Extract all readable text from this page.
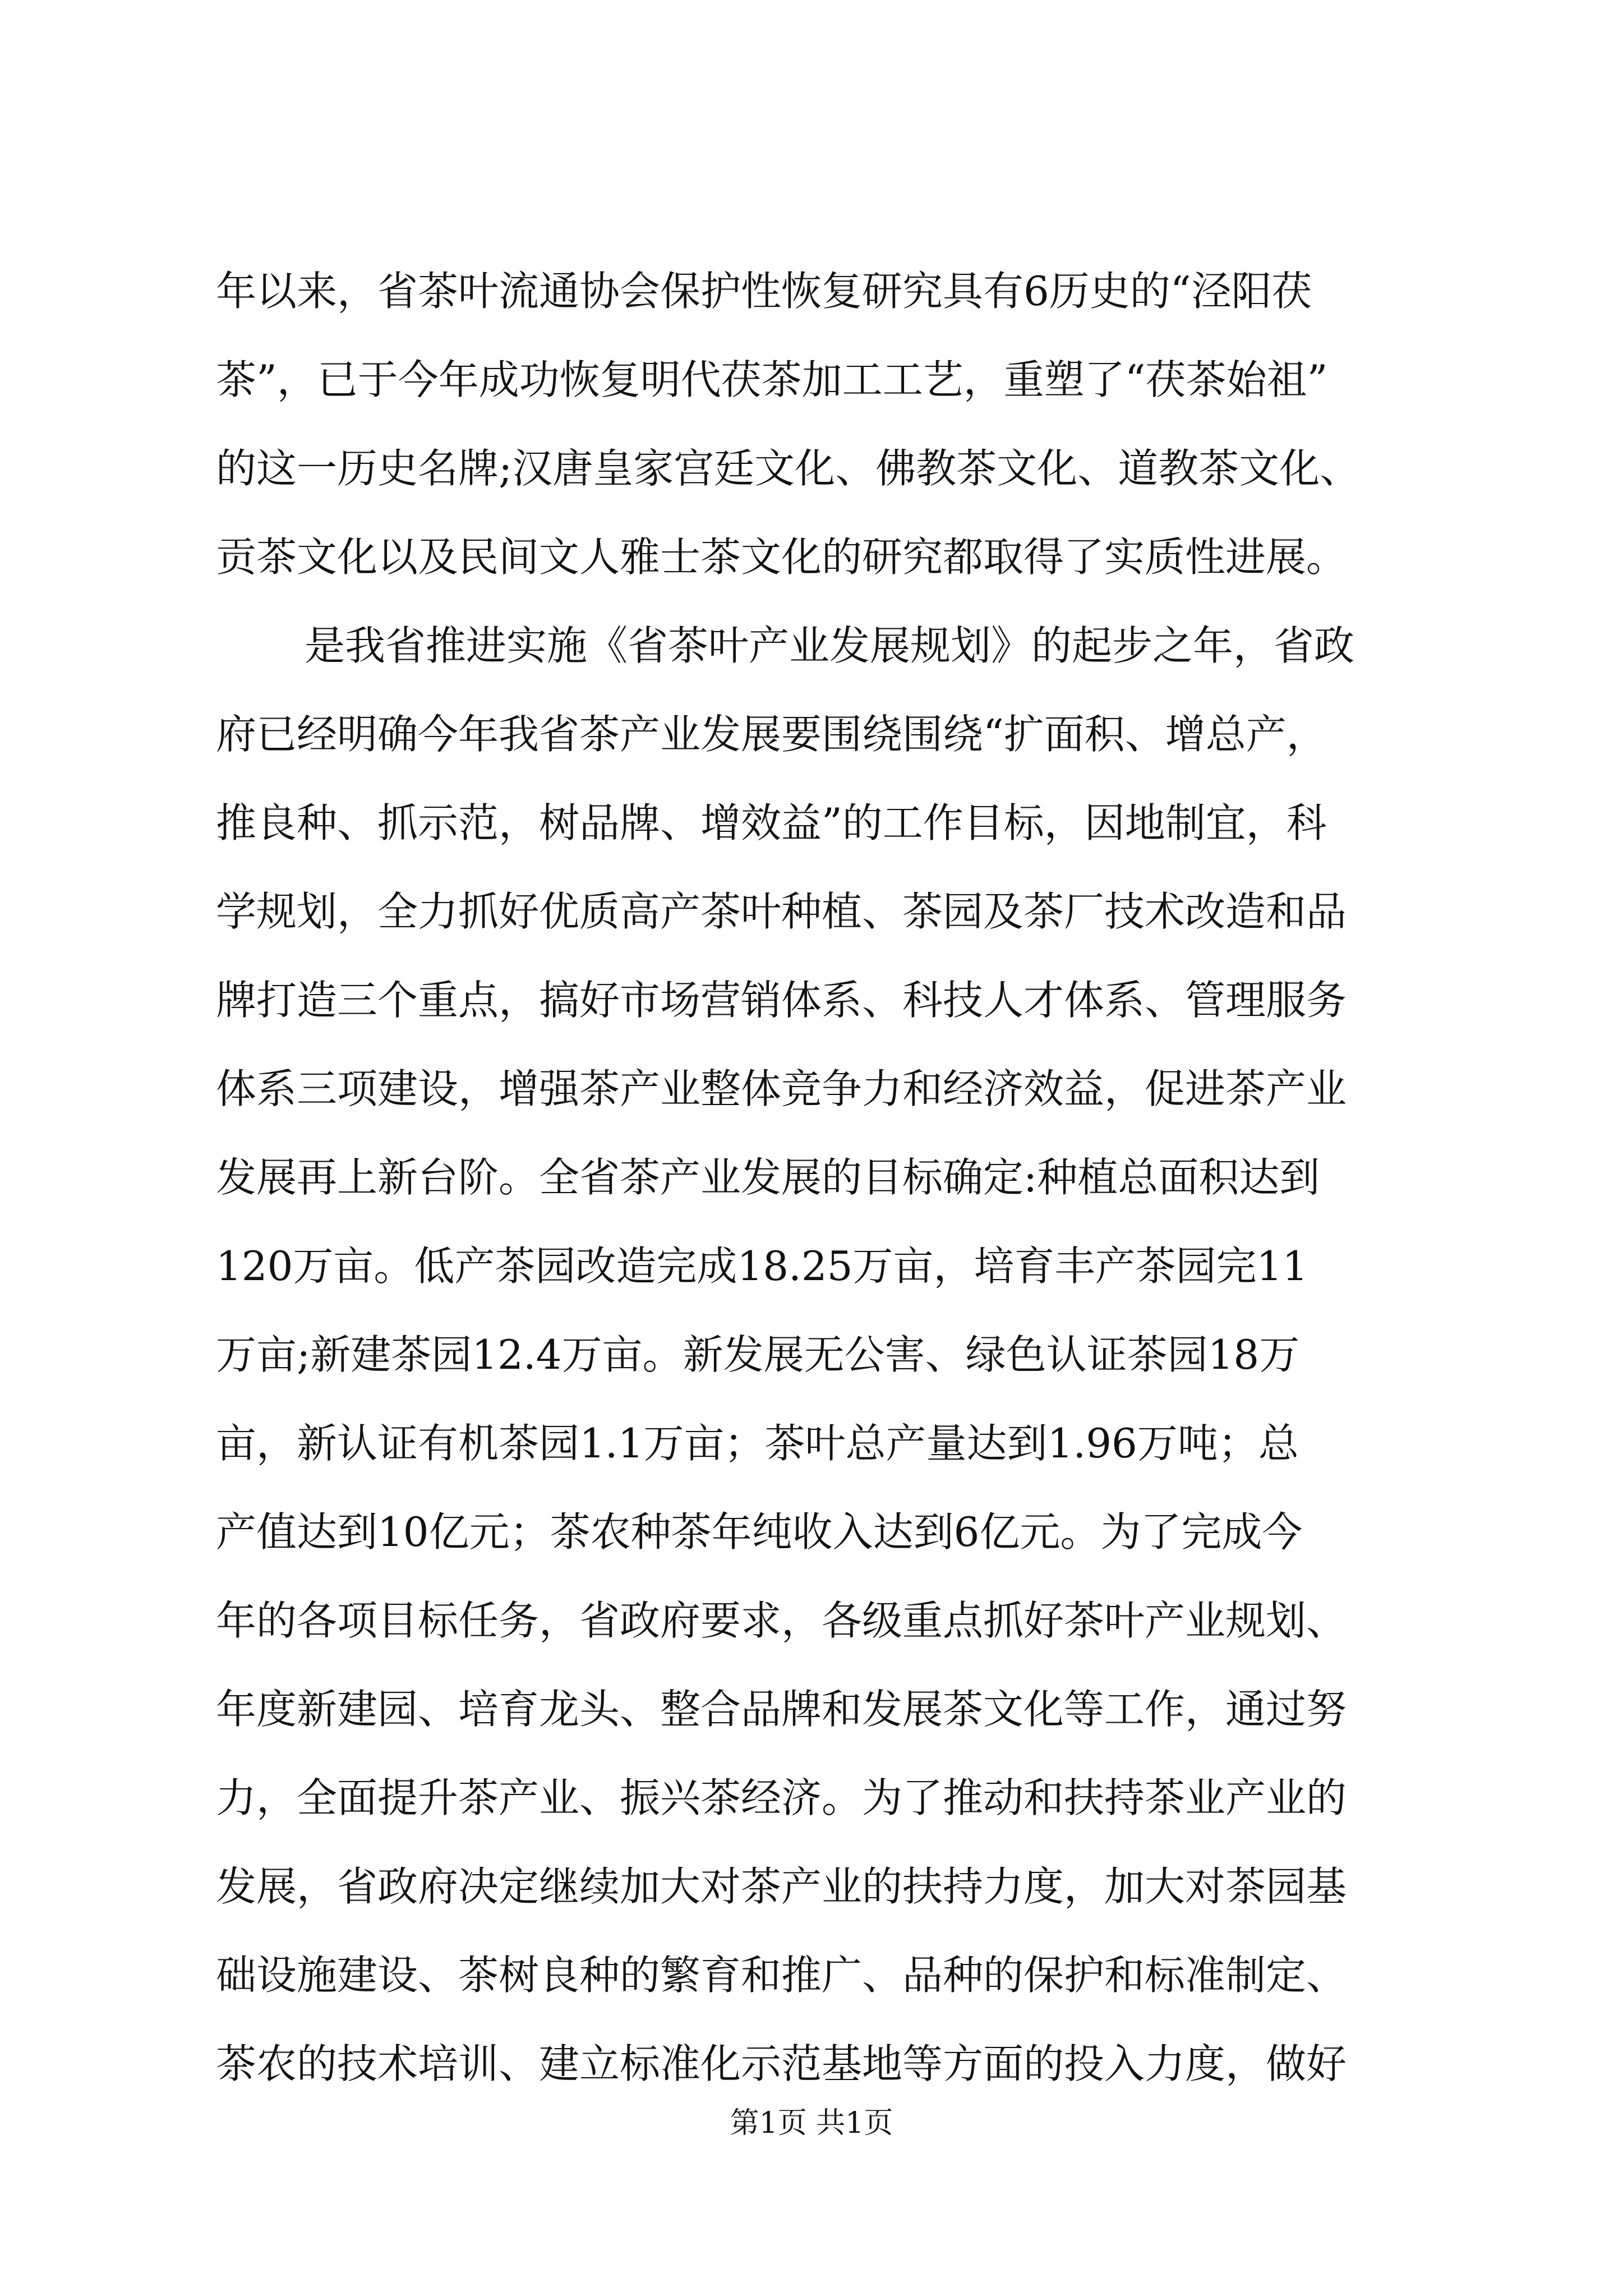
年以来，省茶叶流通协会保护性恢复研究具有6历史的“泾阳茯
茶”，已于今年成功恢复明代茯茶加工工艺，重塑了“茯茶始祖”
的这一历史名牌;汉唐皇家宫廷文化、佛教茶文化、道教茶文化、
贡茶文化以及民间文人雅士茶文化的研究都取得了实质性进展。
是我省推进实施《省茶叶产业发展规划》的起步之年，省政
府已经明确今年我省茶产业发展要围绕围绕“扩面积、增总产，
推良种、抓示范，树品牌、增效益”的工作目标，因地制宜，科
学规划，全力抓好优质高产茶叶种植、茶园及茶厂技术改造和品
牌打造三个重点，搞好市场营销体系、科技人才体系、管理服务
体系三项建设，增强茶产业整体竞争力和经济效益，促进茶产业
发展再上新台阶。全省茶产业发展的目标确定:种植总面积达到
120万亩。低产茶园改造完成18.25万亩，培育丰产茶园完11
万亩;新建茶园12.4万亩。新发展无公害、绿色认证茶园18万
亩，新认证有机茶园1.1万亩；茶叶总产量达到1.96万吨；总
产值达到10亿元；茶农种茶年纯收入达到6亿元。为了完成今
年的各项目标任务，省政府要求，各级重点抓好茶叶产业规划、
年度新建园、培育龙头、整合品牌和发展茶文化等工作，通过努
力，全面提升茶产业、振兴茶经济。为了推动和扶持茶业产业的
发展，省政府决定继续加大对茶产业的扶持力度，加大对茶园基
础设施建设、茶树良种的繁育和推广、品种的保护和标准制定、
茶农的技术培训、建立标准化示范基地等方面的投入力度，做好
第1页 共1页
